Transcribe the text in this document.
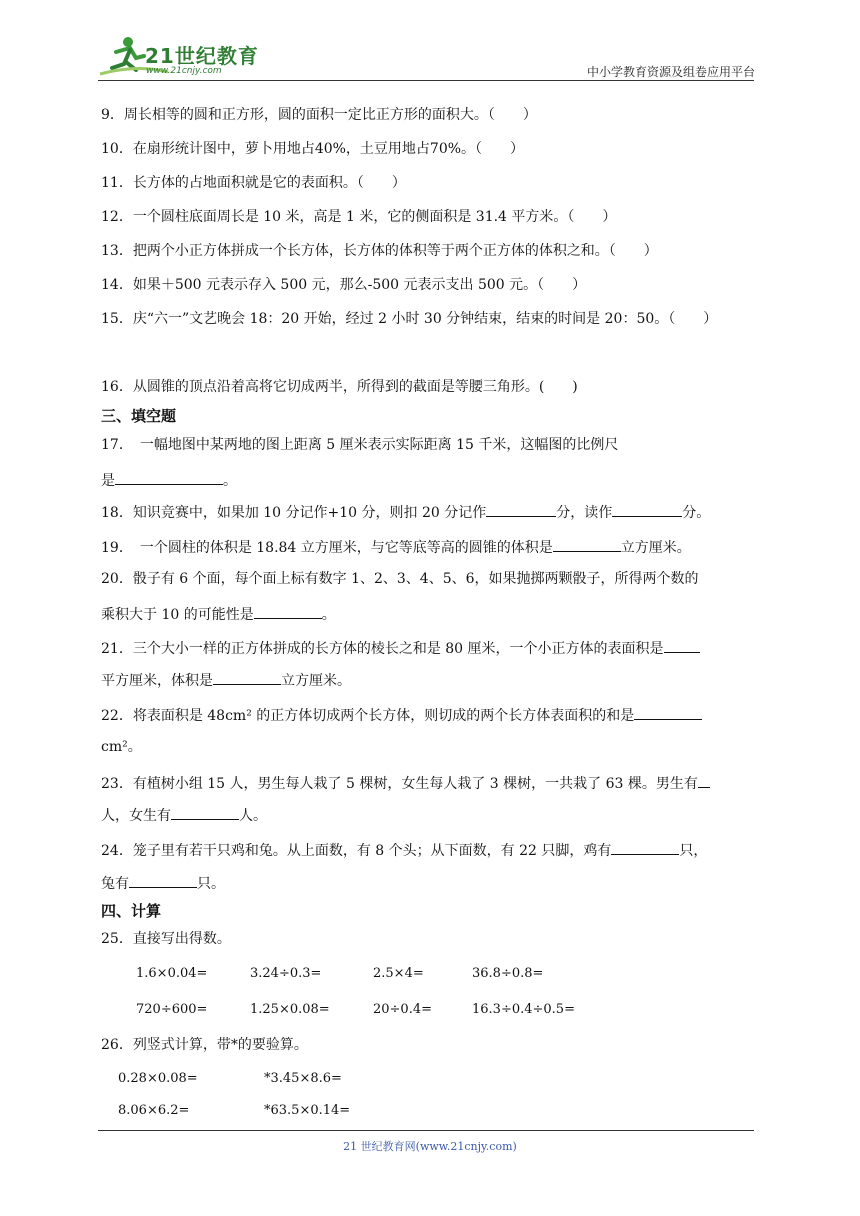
21世纪教育
www.21cnjy.com	中小学教育资源及组卷应用平台
9．周长相等的圆和正方形，圆的面积一定比正方形的面积大。（　　）
10．在扇形统计图中，萝卜用地占40%，土豆用地占70%。（　　）
11．长方体的占地面积就是它的表面积。（　　）
12．一个圆柱底面周长是 10 米，高是 1 米，它的侧面积是 31.4 平方米。（　　）
13．把两个小正方体拼成一个长方体，长方体的体积等于两个正方体的体积之和。（　　）
14．如果＋500 元表示存入 500 元，那么-500 元表示支出 500 元。（　　）
15．庆“六一”文艺晚会 18：20 开始，经过 2 小时 30 分钟结束，结束的时间是 20：50。（　　）
16．从圆锥的顶点沿着高将它切成两半，所得到的截面是等腰三角形。(　　)
三、填空题
17．　一幅地图中某两地的图上距离 5 厘米表示实际距离 15 千米，这幅图的比例尺
是	。
18．知识竞赛中，如果加 10 分记作+10 分，则扣 20 分记作	分，读作	分。
19．　一个圆柱的体积是 18.84 立方厘米，与它等底等高的圆锥的体积是	立方厘米。
20．骰子有 6 个面，每个面上标有数字 1、2、3、4、5、6，如果抛掷两颗骰子，所得两个数的
乘积大于 10 的可能性是	。
21．三个大小一样的正方体拼成的长方体的棱长之和是 80 厘米，一个小正方体的表面积是
平方厘米，体积是	立方厘米。
22．将表面积是 48cm² 的正方体切成两个长方体，则切成的两个长方体表面积的和是
cm²。
23．有植树小组 15 人，男生每人栽了 5 棵树，女生每人栽了 3 棵树，一共栽了 63 棵。男生有
人，女生有	人。
24．笼子里有若干只鸡和兔。从上面数，有 8 个头；从下面数，有 22 只脚，鸡有	只，
兔有	只。
四、计算
25．直接写出得数。
1.6×0.04=	3.24÷0.3=	2.5×4=	36.8÷0.8=
720÷600=	1.25×0.08=	20÷0.4=	16.3÷0.4÷0.5=
26．列竖式计算，带*的要验算。
0.28×0.08=	*3.45×8.6=
8.06×6.2=	*63.5×0.14=
21 世纪教育网(www.21cnjy.com)
